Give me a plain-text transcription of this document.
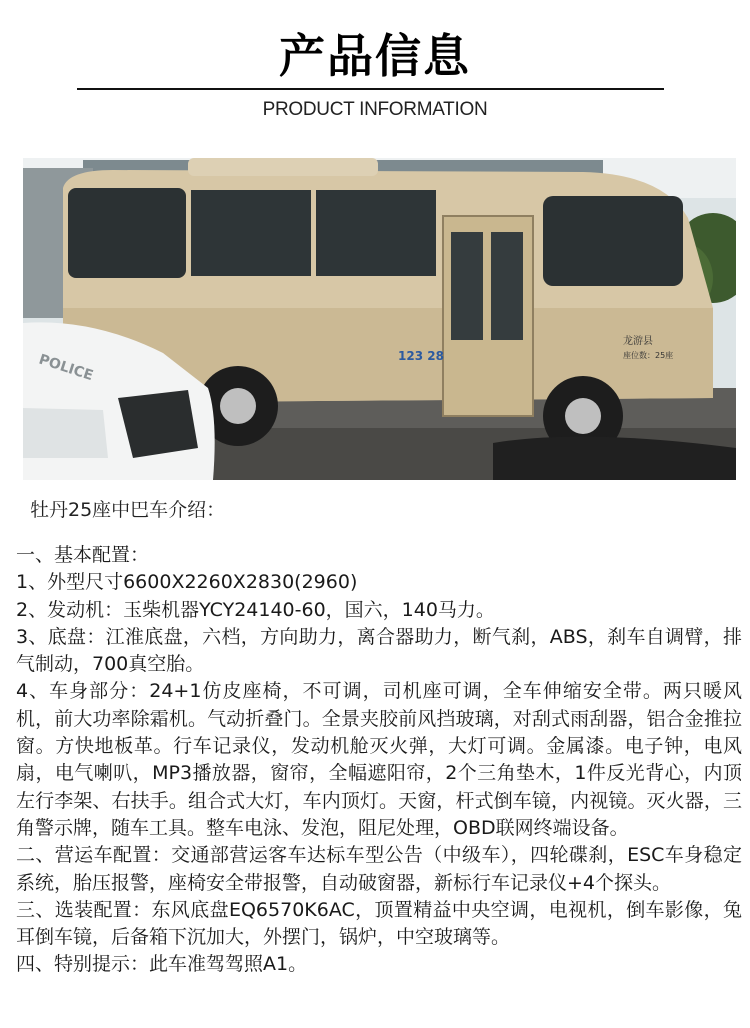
产品信息
PRODUCT INFORMATION
123 28
龙游县
座位数：25座
POLICE
牡丹25座中巴车介绍：

一、基本配置：

1、外型尺寸6600X2260X2830(2960)

2、发动机：玉柴机器YCY24140-60，国六，140马力。

3、底盘：江淮底盘，六档，方向助力，离合器助力，断气刹，ABS，刹车自调臂，排气制动，700真空胎。

4、车身部分：24+1仿皮座椅，不可调，司机座可调，全车伸缩安全带。两只暖风机，前大功率除霜机。气动折叠门。全景夹胶前风挡玻璃，对刮式雨刮器，铝合金推拉窗。方快地板革。行车记录仪，发动机舱灭火弹，大灯可调。金属漆。电子钟，电风扇，电气喇叭，MP3播放器，窗帘，全幅遮阳帘，2个三角垫木，1件反光背心，内顶左行李架、右扶手。组合式大灯，车内顶灯。天窗，杆式倒车镜，内视镜。灭火器，三角警示牌，随车工具。整车电泳、发泡，阻尼处理，OBD联网终端设备。

二、营运车配置：交通部营运客车达标车型公告（中级车），四轮碟刹，ESC车身稳定系统，胎压报警，座椅安全带报警，自动破窗器，新标行车记录仪+4个探头。

三、选装配置：东风底盘EQ6570K6AC，顶置精益中央空调，电视机，倒车影像，兔耳倒车镜，后备箱下沉加大，外摆门，锅炉，中空玻璃等。

四、特别提示：此车准驾驾照A1。
